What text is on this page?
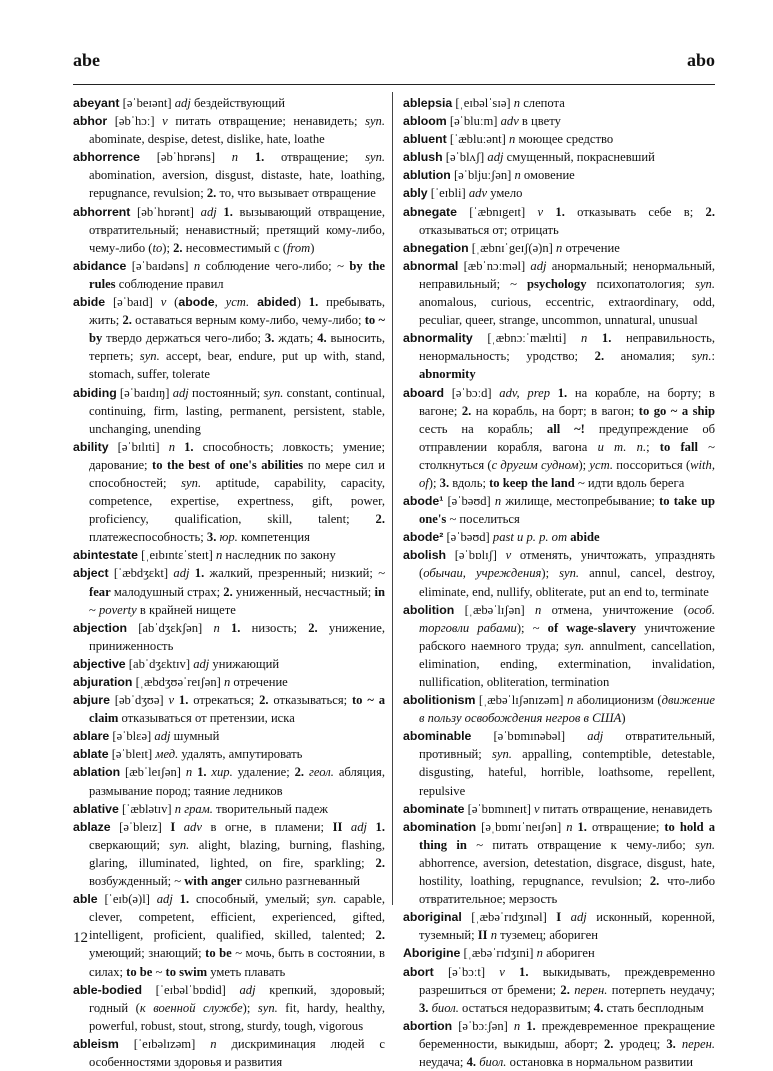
abe	abo
abeyant [əˈbeɪənt] adj бездействующий
abhor [əbˈhɔː] v питать отвращение; ненавидеть; syn. abominate, despise, detest, dislike, hate, loathe
abhorrence [əbˈhɒrəns] n 1. отвращение; syn. abomination, aversion, disgust, distaste, hate, loathing, repugnance, revulsion; 2. то, что вызывает отвращение
abhorrent [əbˈhɒrənt] adj 1. вызывающий отвращение, отвратительный; ненавистный; претящий кому-либо, чему-либо (to); 2. несовместимый с (from)
abidance [əˈbaɪdəns] n соблюдение чего-либо; ~ by the rules соблюдение правил
abide [əˈbaɪd] v (abode, уст. abided) 1. пребывать, жить; 2. оставаться верным кому-либо, чему-либо; to ~ by твердо держаться чего-либо; 3. ждать; 4. выносить, терпеть; syn. accept, bear, endure, put up with, stand, stomach, suffer, tolerate
abiding [əˈbaɪdɪŋ] adj постоянный; syn. constant, continual, continuing, firm, lasting, permanent, persistent, stable, unchanging, unending
ability [əˈbɪlɪti] n 1. способность; ловкость; умение; дарование; to the best of one's abilities по мере сил и способностей; syn. aptitude, capability, capacity, competence, expertise, expertness, gift, power, proficiency, qualification, skill, talent; 2. платежеспособность; 3. юр. компетенция
abintestate [ˌeɪbɪntɛˈsteɪt] n наследник по закону
abject [ˈæbdʒɛkt] adj 1. жалкий, презренный; низкий; ~ fear малодушный страх; 2. униженный, несчастный; in ~ poverty в крайней нищете
abjection [abˈdʒɛkʃən] n 1. низость; 2. унижение, приниженность
abjective [abˈdʒɛktɪv] adj унижающий
abjuration [ˌæbdʒʊəˈreɪʃən] n отречение
abjure [əbˈdʒʊə] v 1. отрекаться; 2. отказываться; to ~ a claim отказываться от претензии, иска
ablare [əˈblɛə] adj шумный
ablate [əˈbleɪt] мед. удалять, ампутировать
ablation [æbˈleɪʃən] n 1. хир. удаление; 2. геол. абляция, размывание пород; таяние ледников
ablative [ˈæblətɪv] n грам. творительный падеж
ablaze [əˈbleɪz] I adv в огне, в пламени; II adj 1. сверкающий; syn. alight, blazing, burning, flashing, glaring, illuminated, lighted, on fire, sparkling; 2. возбужденный; ~ with anger сильно разгневанный
able [ˈeɪb(ə)l] adj 1. способный, умелый; syn. capable, clever, competent, efficient, experienced, gifted, intelligent, proficient, qualified, skilled, talented; 2. умеющий; знающий; to be ~ мочь, быть в состоянии, в силах; to be ~ to swim уметь плавать
able-bodied [ˈeɪbəlˈbɒdid] adj крепкий, здоровый; годный (к военной службе); syn. fit, hardy, healthy, powerful, robust, stout, strong, sturdy, tough, vigorous
ableism [ˈeɪbəlɪzəm] n дискриминация людей с особенностями здоровья и развития
ablepsia [ˌeɪbəlˈsɪə] n слепота
abloom [əˈbluːm] adv в цвету
abluent [ˈæbluːənt] n моющее средство
ablush [əˈblʌʃ] adj смущенный, покрасневший
ablution [əˈbljuːʃən] n омовение
ably [ˈeɪbli] adv умело
abnegate [ˈæbnɪgeɪt] v 1. отказывать себе в; 2. отказываться от; отрицать
abnegation [ˌæbnɪˈgeɪʃ(ə)n] n отречение
abnormal [æbˈnɔːməl] adj анормальный; ненормальный, неправильный; ~ psychology психопатология; syn. anomalous, curious, eccentric, extraordinary, odd, peculiar, queer, strange, uncommon, unnatural, unusual
abnormality [ˌæbnɔːˈmælɪti] n 1. неправильность, ненормальность; уродство; 2. аномалия; syn.: abnormity
aboard [əˈbɔːd] adv, prep 1. на корабле, на борту; в вагоне; 2. на корабль, на борт; в вагон; to go ~ a ship сесть на корабль; all ~! предупреждение об отправлении корабля, вагона и т. п.; to fall ~ столкнуться (с другим судном); уст. поссориться (with, of); 3. вдоль; to keep the land ~ идти вдоль берега
abode¹ [əˈbəʊd] n жилище, местопребывание; to take up one's ~ поселиться
abode² [əˈbəʊd] past и p. p. от abide
abolish [əˈbɒlɪʃ] v отменять, уничтожать, упразднять (обычаи, учреждения); syn. annul, cancel, destroy, eliminate, end, nullify, obliterate, put an end to, terminate
abolition [ˌæbəˈlɪʃən] n отмена, уничтожение (особ. торговли рабами); ~ of wage-slavery уничтожение рабского наемного труда; syn. annulment, cancellation, elimination, ending, extermination, invalidation, nullification, obliteration, termination
abolitionism [ˌæbəˈlɪʃənɪzəm] n аболиционизм (движение в пользу освобождения негров в США)
abominable [əˈbɒmɪnəbəl] adj отвратительный, противный; syn. appalling, contemptible, detestable, disgusting, hateful, horrible, loathsome, repellent, repulsive
abominate [əˈbɒmɪneɪt] v питать отвращение, ненавидеть
abomination [əˌbɒmɪˈneɪʃən] n 1. отвращение; to hold a thing in ~ питать отвращение к чему-либо; syn. abhorrence, aversion, detestation, disgrace, disgust, hate, hostility, loathing, repugnance, revulsion; 2. что-либо отвратительное; мерзость
aboriginal [ˌæbəˈrɪdʒɪnəl] I adj исконный, коренной, туземный; II n туземец; абориген
Aborigine [ˌæbəˈrɪdʒɪni] n абориген
abort [əˈbɔːt] v 1. выкидывать, преждевременно разрешиться от бремени; 2. перен. потерпеть неудачу; 3. биол. остаться недоразвитым; 4. стать бесплодным
abortion [əˈbɔːʃən] n 1. преждевременное прекращение беременности, выкидыш, аборт; 2. уродец; 3. перен. неудача; 4. биол. остановка в нормальном развитии
12
